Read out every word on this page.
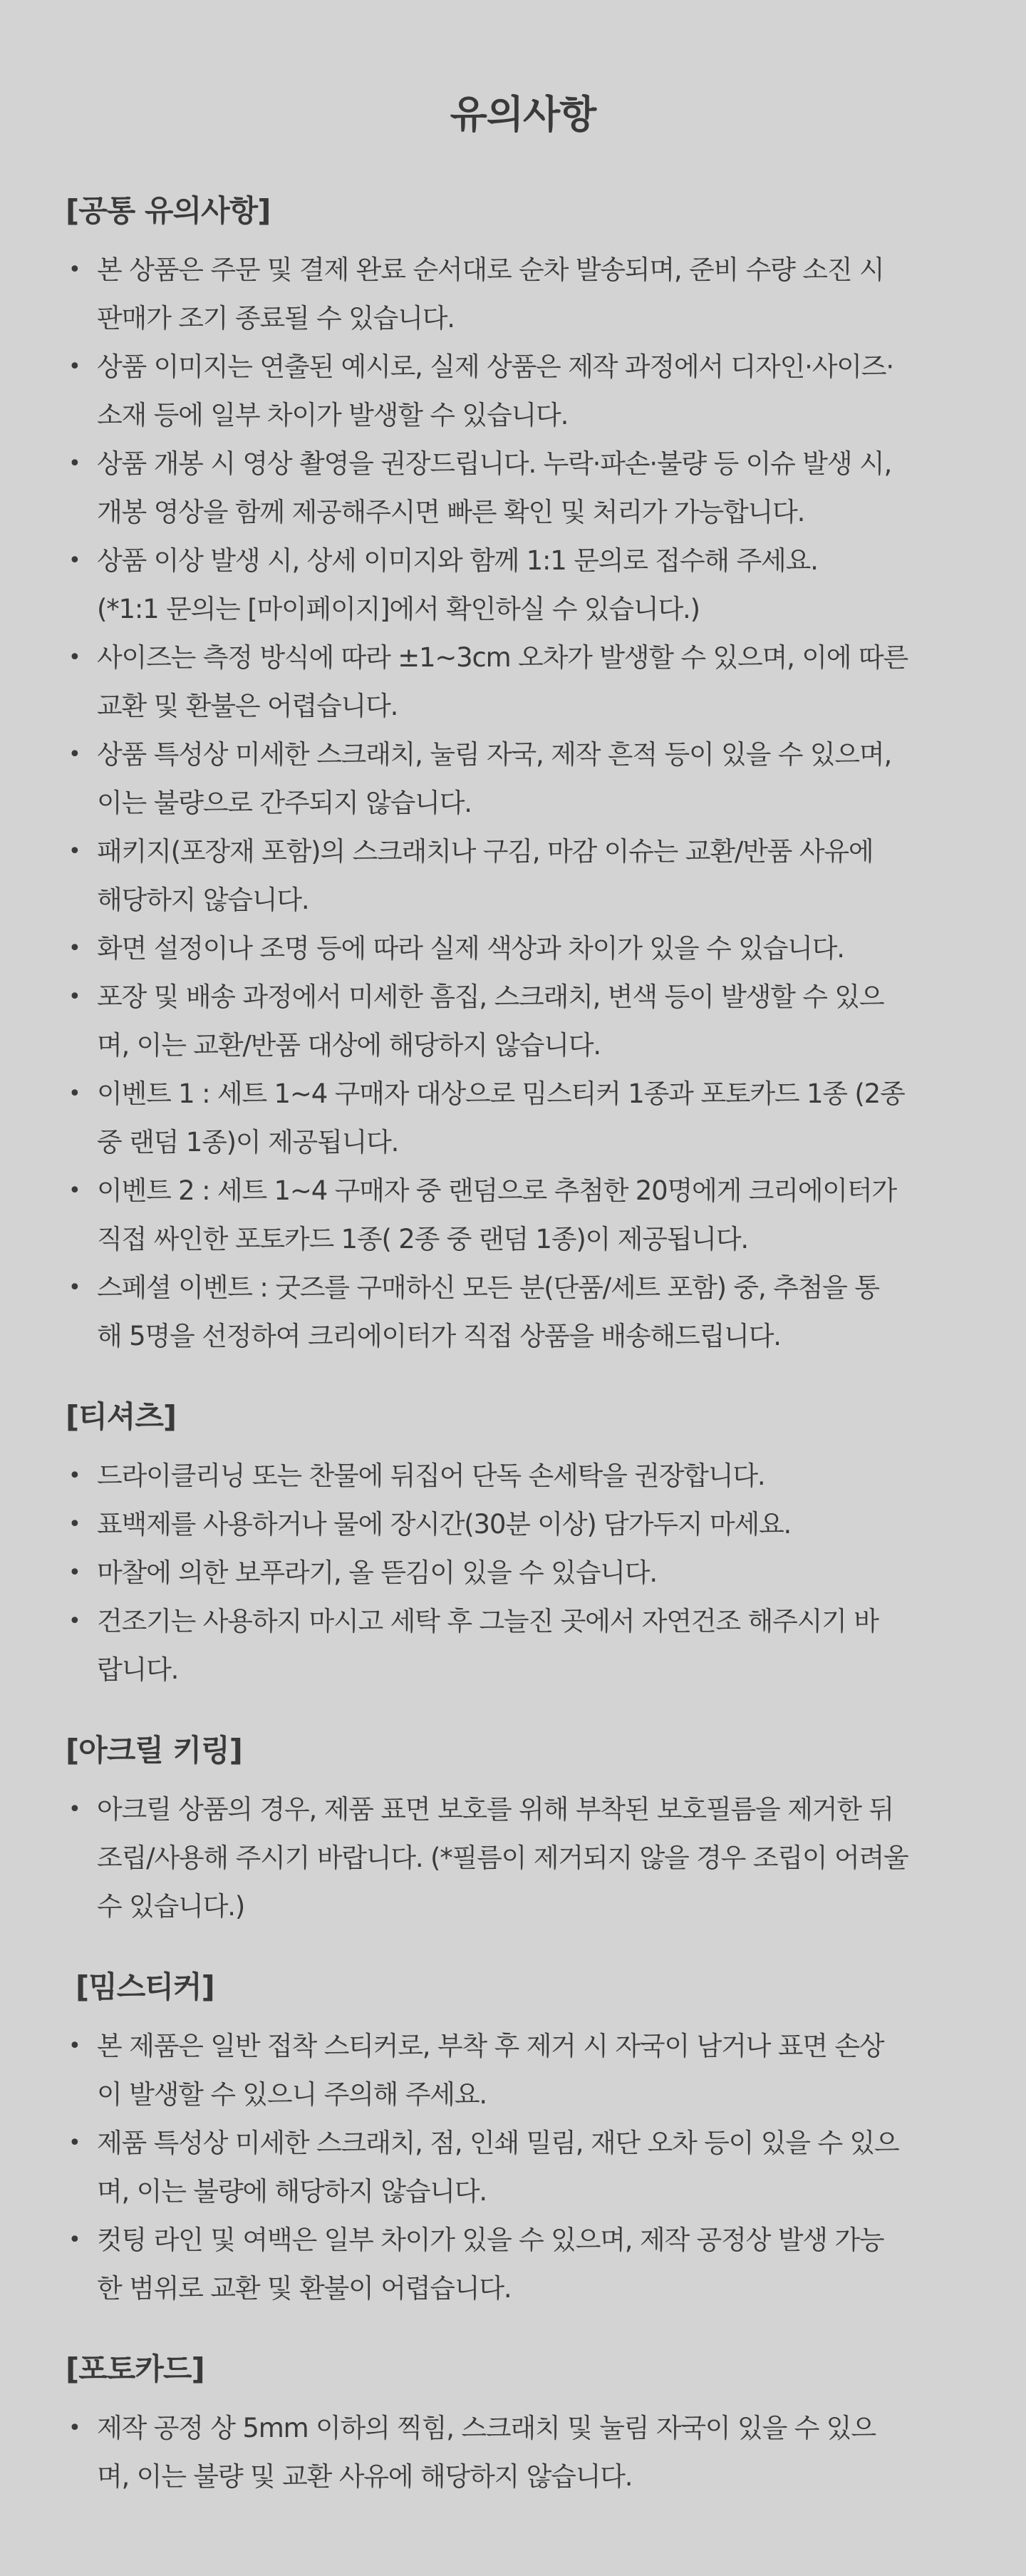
유의사항
[공통 유의사항]
• 본 상품은 주문 및 결제 완료 순서대로 순차 발송되며, 준비 수량 소진 시
판매가 조기 종료될 수 있습니다.
• 상품 이미지는 연출된 예시로, 실제 상품은 제작 과정에서 디자인·사이즈·
소재 등에 일부 차이가 발생할 수 있습니다.
• 상품 개봉 시 영상 촬영을 권장드립니다. 누락·파손·불량 등 이슈 발생 시,
개봉 영상을 함께 제공해주시면 빠른 확인 및 처리가 가능합니다.
• 상품 이상 발생 시, 상세 이미지와 함께 1:1 문의로 접수해 주세요.
(*1:1 문의는 [마이페이지]에서 확인하실 수 있습니다.)
• 사이즈는 측정 방식에 따라 ±1~3cm 오차가 발생할 수 있으며, 이에 따른
교환 및 환불은 어렵습니다.
• 상품 특성상 미세한 스크래치, 눌림 자국, 제작 흔적 등이 있을 수 있으며,
이는 불량으로 간주되지 않습니다.
• 패키지(포장재 포함)의 스크래치나 구김, 마감 이슈는 교환/반품 사유에
해당하지 않습니다.
• 화면 설정이나 조명 등에 따라 실제 색상과 차이가 있을 수 있습니다.
• 포장 및 배송 과정에서 미세한 흠집, 스크래치, 변색 등이 발생할 수 있으
며, 이는 교환/반품 대상에 해당하지 않습니다.
• 이벤트 1 : 세트 1~4 구매자 대상으로 밈스티커 1종과 포토카드 1종 (2종
중 랜덤 1종)이 제공됩니다.
• 이벤트 2 : 세트 1~4 구매자 중 랜덤으로 추첨한 20명에게 크리에이터가
직접 싸인한 포토카드 1종( 2종 중 랜덤 1종)이 제공됩니다.
• 스페셜 이벤트 : 굿즈를 구매하신 모든 분(단품/세트 포함) 중, 추첨을 통
해 5명을 선정하여 크리에이터가 직접 상품을 배송해드립니다.
[티셔츠]
• 드라이클리닝 또는 찬물에 뒤집어 단독 손세탁을 권장합니다.
• 표백제를 사용하거나 물에 장시간(30분 이상) 담가두지 마세요.
• 마찰에 의한 보푸라기, 올 뜯김이 있을 수 있습니다.
• 건조기는 사용하지 마시고 세탁 후 그늘진 곳에서 자연건조 해주시기 바
랍니다.
[아크릴 키링]
• 아크릴 상품의 경우, 제품 표면 보호를 위해 부착된 보호필름을 제거한 뒤
조립/사용해 주시기 바랍니다. (*필름이 제거되지 않을 경우 조립이 어려울
수 있습니다.)
[밈스티커]
• 본 제품은 일반 접착 스티커로, 부착 후 제거 시 자국이 남거나 표면 손상
이 발생할 수 있으니 주의해 주세요.
• 제품 특성상 미세한 스크래치, 점, 인쇄 밀림, 재단 오차 등이 있을 수 있으
며, 이는 불량에 해당하지 않습니다.
• 컷팅 라인 및 여백은 일부 차이가 있을 수 있으며, 제작 공정상 발생 가능
한 범위로 교환 및 환불이 어렵습니다.
[포토카드]
• 제작 공정 상 5mm 이하의 찍힘, 스크래치 및 눌림 자국이 있을 수 있으
며, 이는 불량 및 교환 사유에 해당하지 않습니다.
